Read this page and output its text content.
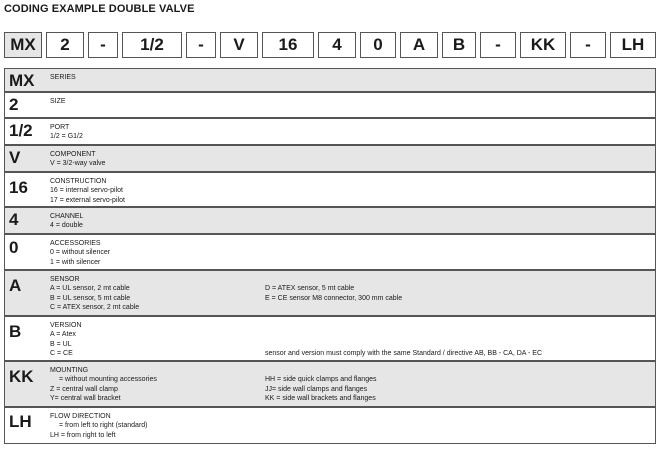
CODING EXAMPLE DOUBLE VALVE
MX	2	-	1/2	-	V	16	4	0	A	B	-	KK	-	LH
MX SERIES
2	SIZE
1/2 PORT
1/2 = G1/2
V	COMPONENT
V = 3/2-way valve
16	CONSTRUCTION
16 = internal servo-pilot
17 = external servo-pilot
4	CHANNEL
4 = double
0	ACCESSORIES
0 = without silencer
1 = with silencer
A	SENSOR
A = UL sensor, 2 mt cable
B = UL sensor, 5 mt cable
C = ATEX sensor, 2 mt cable
D = ATEX sensor, 5 mt cable
E = CE sensor M8 connector, 300 mm cable
B	VERSION
A = Atex
B = UL
C = CE	sensor and version must comply with the same Standard / directive AB, BB - CA, DA - EC
KK MOUNTING
= without mounting accessories
Z = central wall clamp
Y= central wall bracket
HH = side quick clamps and flanges
JJ= side wall clamps and flanges
KK = side wall brackets and flanges
LH	FLOW DIRECTION
= from left to right (standard)
LH = from right to left
